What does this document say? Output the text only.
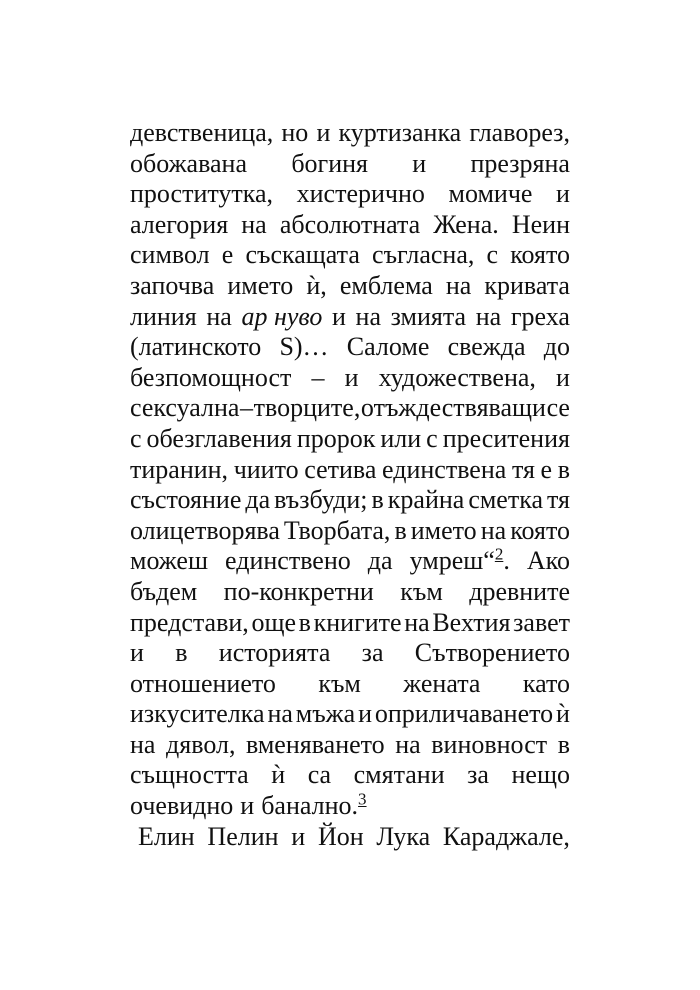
девственица, но и куртизанка главорез,
обожавана богиня и презряна
проститутка, хистерично момиче и
алегория на абсолютната Жена. Неин
символ е съскащата съгласна, с която
започва името ѝ, емблема на кривата
линия на ар нуво и на змията на греха
(латинското S)… Саломе свежда до
безпомощност – и художествена, и
сексуална – творците, отъждествяващи се
с обезглавения пророк или с преситения
тиранин, чиито сетива единствена тя е в
състояние да възбуди; в крайна сметка тя
олицетворява Творбата, в името на която
можеш единствено да умреш“$^2$. Ако
бъдем по-конкретни към древните
представи, още в книгите на Вехтия завет
и в историята за Сътворението
отношението към жената като
изкусителка на мъжа и оприличаването ѝ
на дявол, вменяването на виновност в
същността ѝ са смятани за нещо
очевидно и банално.$^3$
Елин Пелин и Йон Лука Караджале,
